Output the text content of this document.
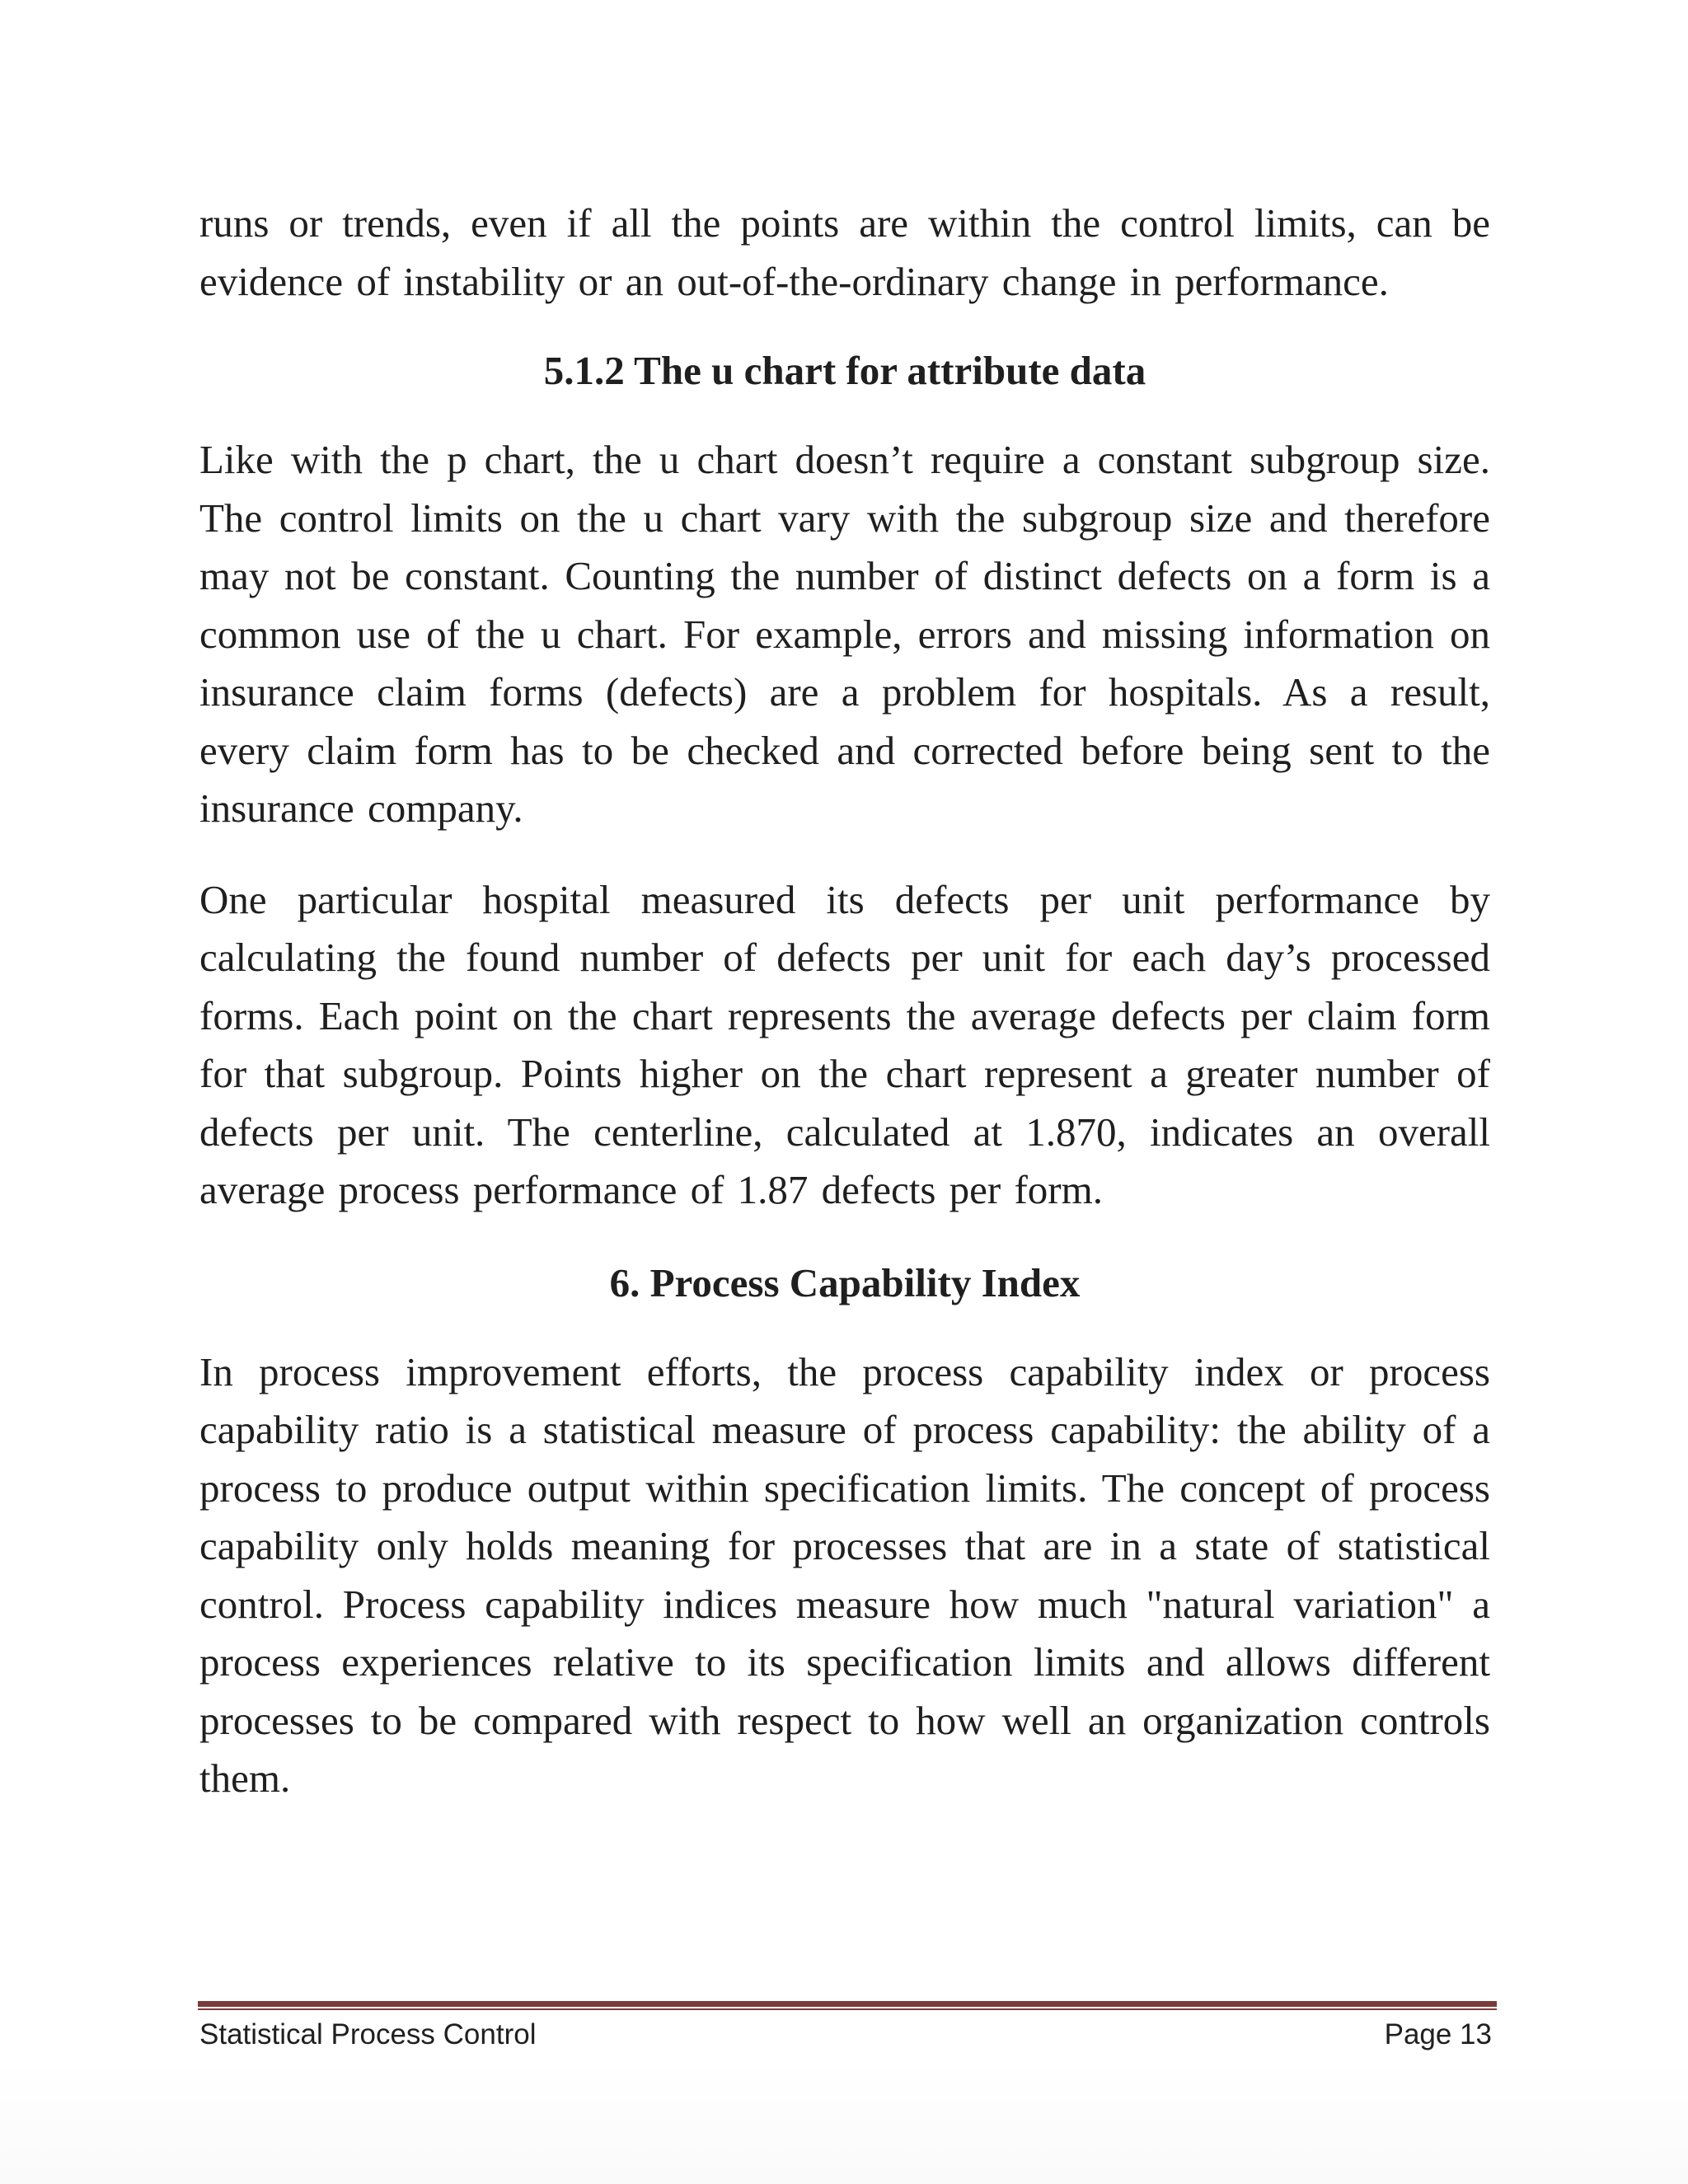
runs or trends, even if all the points are within the control limits, can be evidence of instability or an out-of-the-ordinary change in performance.

5.1.2 The u chart for attribute data

Like with the p chart, the u chart doesn’t require a constant subgroup size. The control limits on the u chart vary with the subgroup size and therefore may not be constant. Counting the number of distinct defects on a form is a common use of the u chart. For example, errors and missing information on insurance claim forms (defects) are a problem for hospitals. As a result, every claim form has to be checked and corrected before being sent to the insurance company.

One particular hospital measured its defects per unit performance by calculating the found number of defects per unit for each day’s processed forms. Each point on the chart represents the average defects per claim form for that subgroup. Points higher on the chart represent a greater number of defects per unit. The centerline, calculated at 1.870, indicates an overall average process performance of 1.87 defects per form.

6. Process Capability Index

In process improvement efforts, the process capability index or process capability ratio is a statistical measure of process capability: the ability of a process to produce output within specification limits. The concept of process capability only holds meaning for processes that are in a state of statistical control. Process capability indices measure how much "natural variation" a process experiences relative to its specification limits and allows different processes to be compared with respect to how well an organization controls them.

Statistical Process Control	Page 13
